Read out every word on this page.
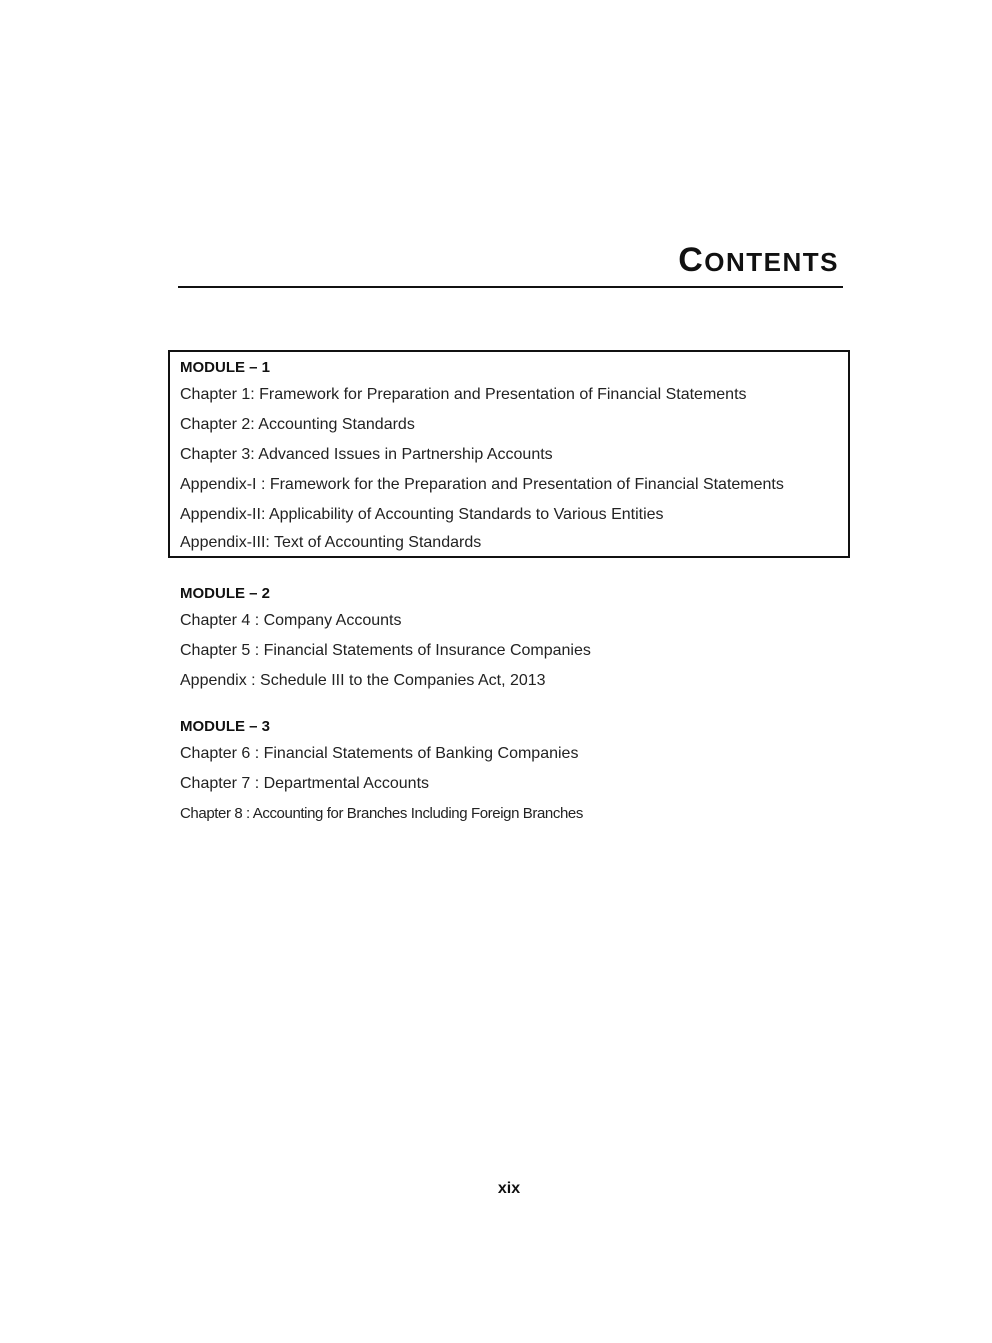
CONTENTS
MODULE – 1
Chapter 1: Framework for Preparation and Presentation of Financial Statements
Chapter 2: Accounting Standards
Chapter 3: Advanced Issues in Partnership Accounts
Appendix-I : Framework for the Preparation and Presentation of Financial Statements
Appendix-II: Applicability of Accounting Standards to Various Entities
Appendix-III: Text of Accounting Standards
MODULE – 2
Chapter 4 : Company Accounts
Chapter 5 : Financial Statements of Insurance Companies
Appendix : Schedule III to the Companies Act, 2013
MODULE – 3
Chapter 6 : Financial Statements of Banking Companies
Chapter 7 : Departmental Accounts
Chapter 8 : Accounting for Branches Including Foreign Branches
xix
